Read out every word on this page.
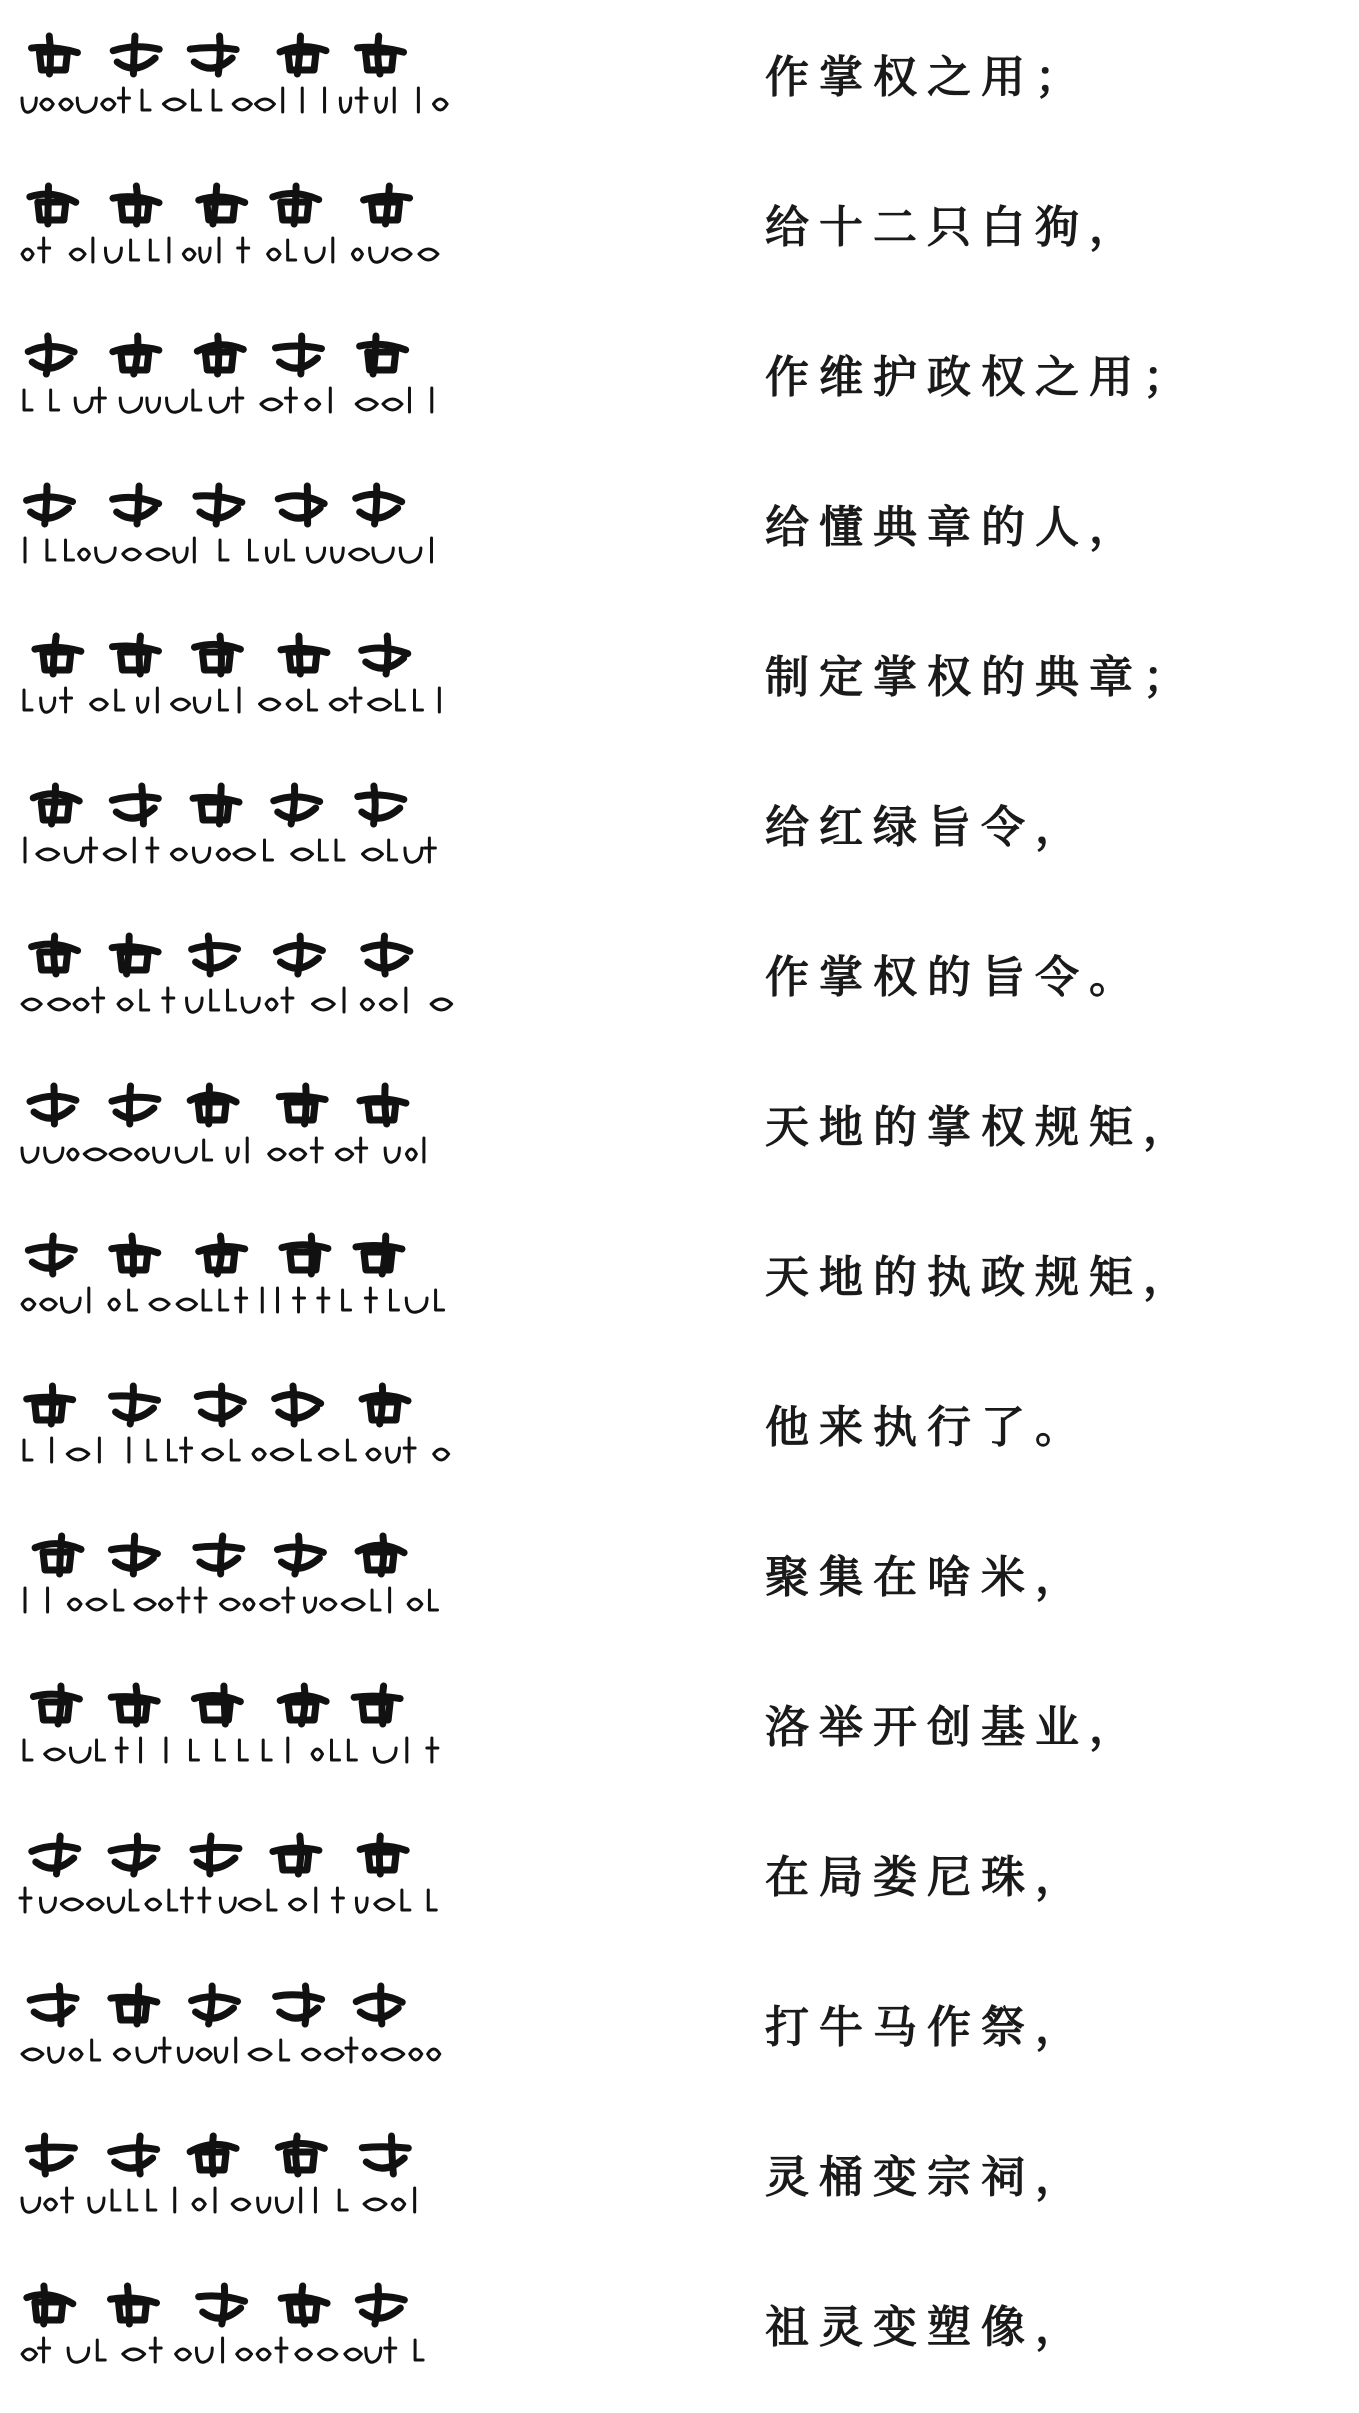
作掌权之用；
给十二只白狗，
作维护政权之用；
给懂典章的人，
制定掌权的典章；
给红绿旨令，
作掌权的旨令。
天地的掌权规矩，
天地的执政规矩，
他来执行了。
聚集在啥米，
洛举开创基业，
在局娄尼珠，
打牛马作祭，
灵桶变宗祠，
祖灵变塑像，
